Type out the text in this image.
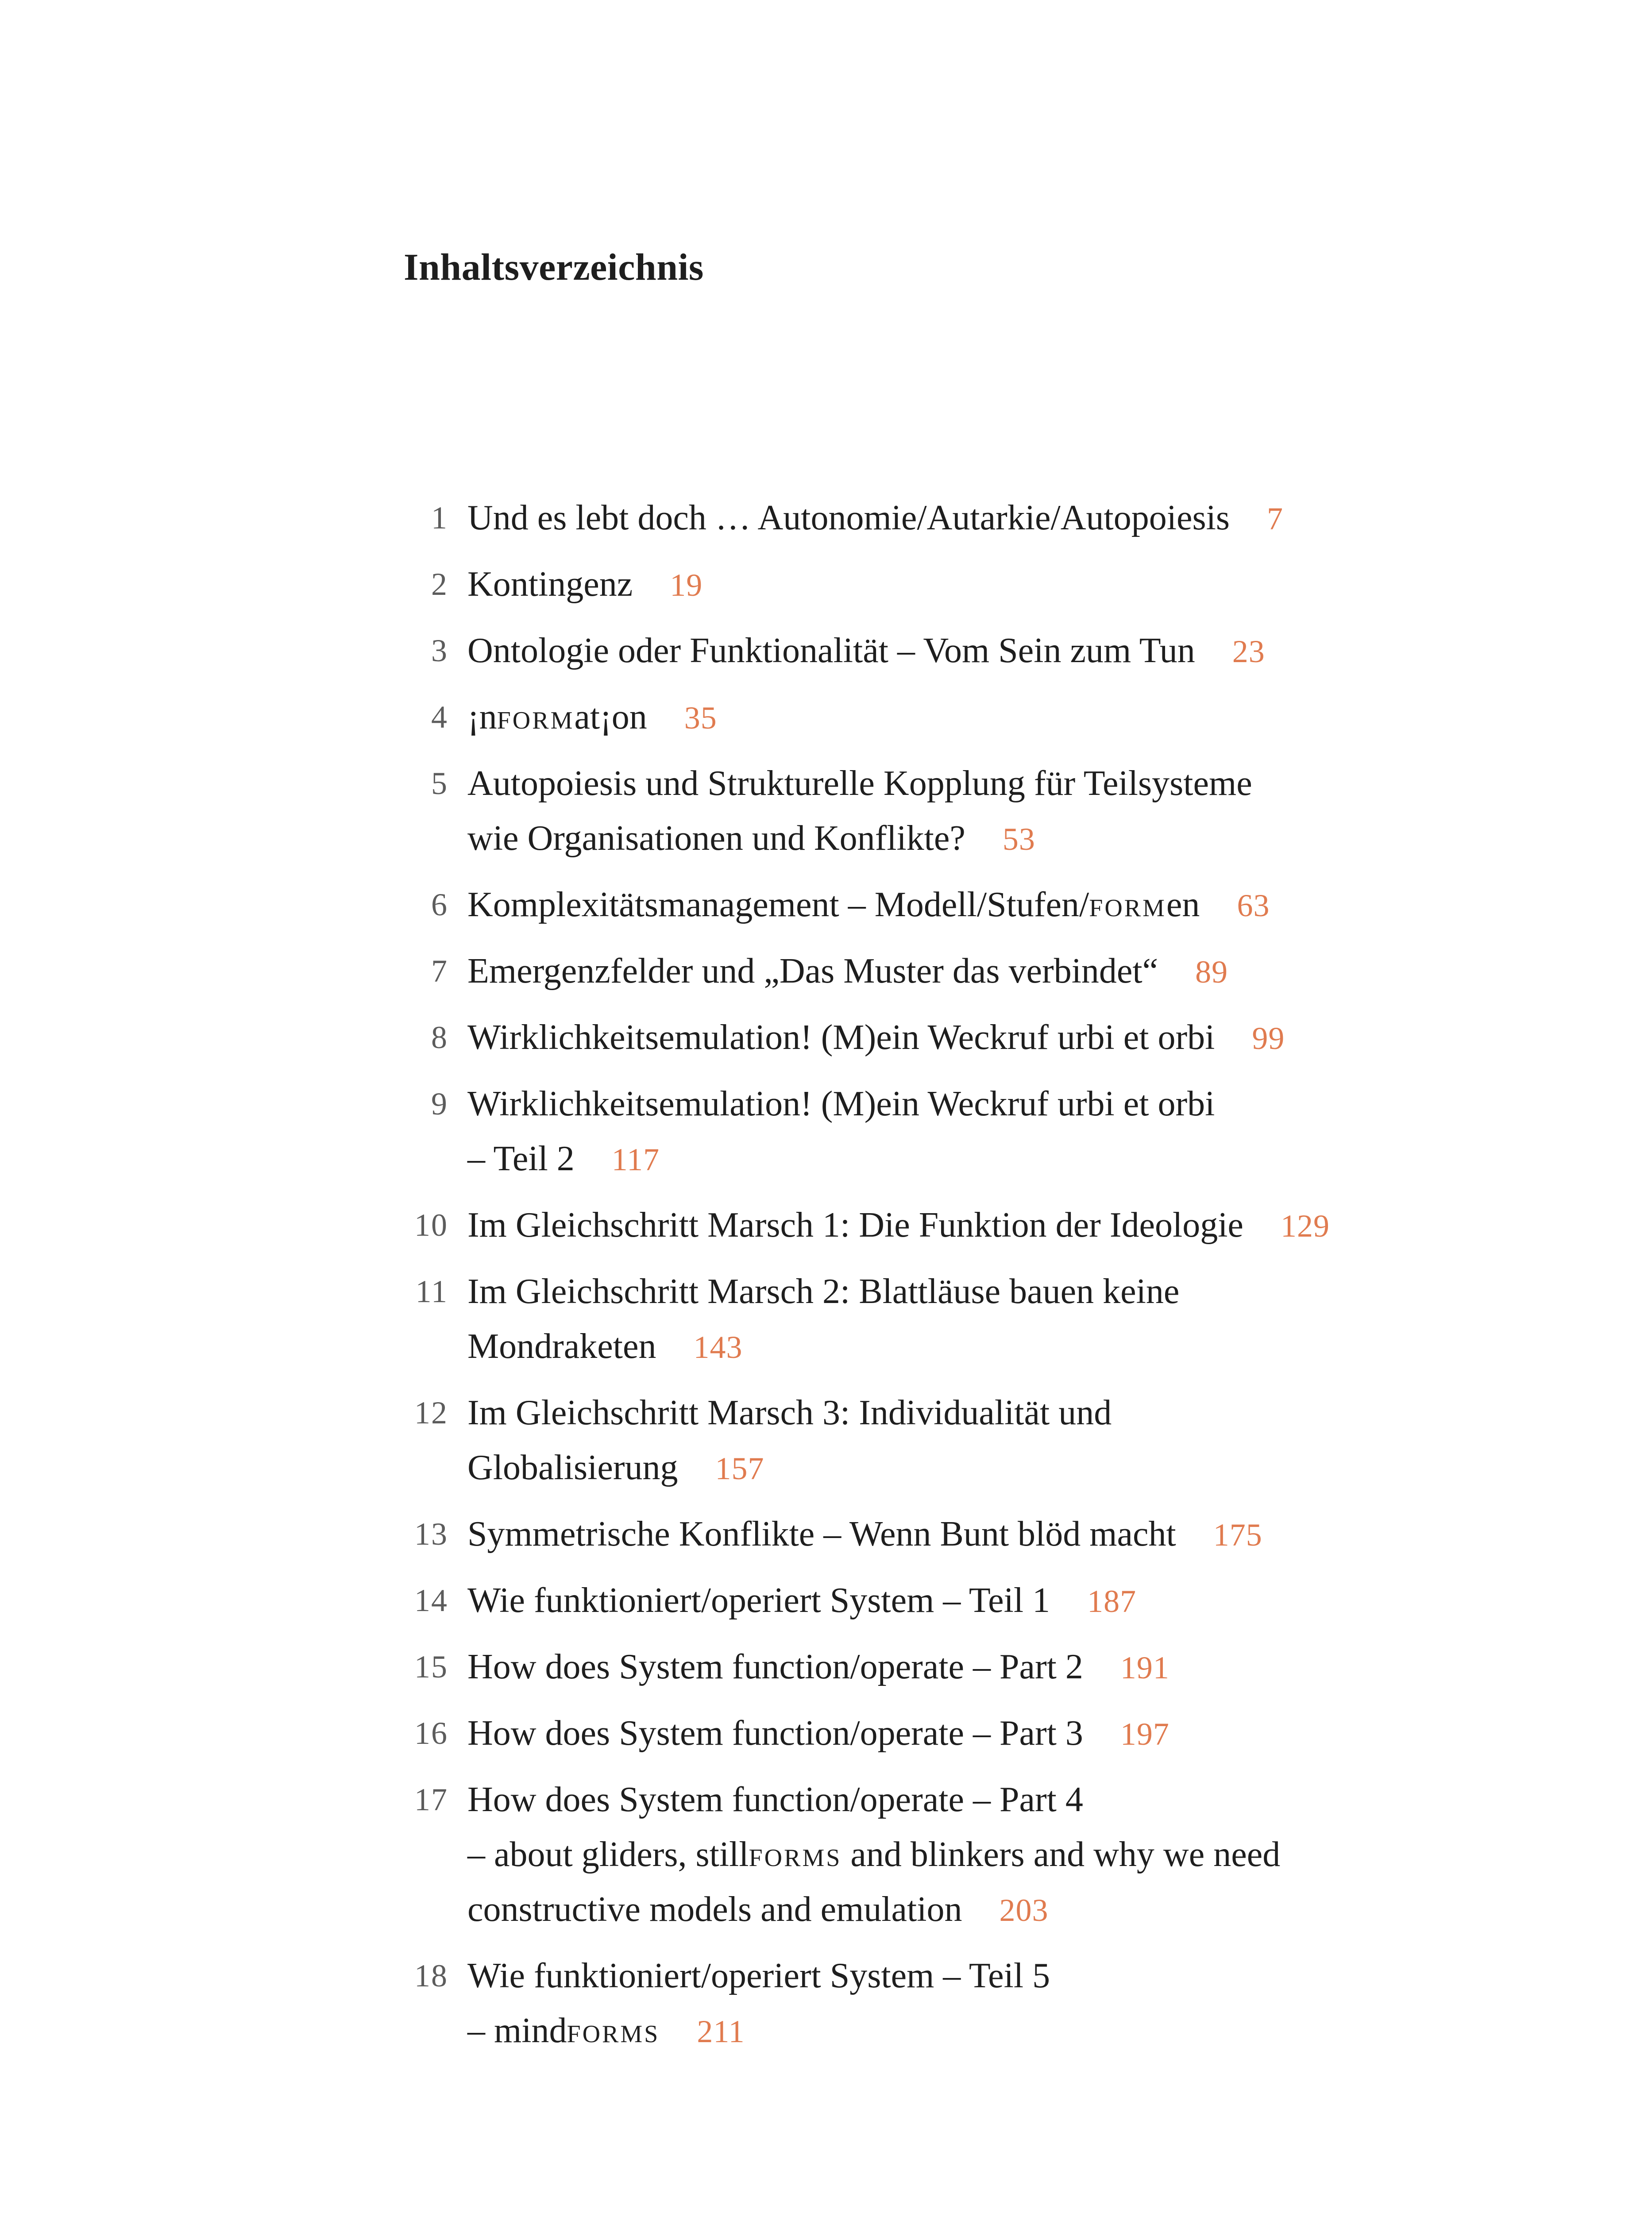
Inhaltsverzeichnis
1 Und es lebt doch … Autonomie/Autarkie/Autopoiesis 7
2 Kontingenz 19
3 Ontologie oder Funktionalität – Vom Sein zum Tun 23
4 ¡nformat¡on 35
5 Autopoiesis und Strukturelle Kopplung für Teilsysteme
wie Organisationen und Konflikte? 53
6 Komplexitätsmanagement – Modell/Stufen/formen 63
7 Emergenzfelder und „Das Muster das verbindet“ 89
8 Wirklichkeitsemulation! (M)ein Weckruf urbi et orbi 99
9 Wirklichkeitsemulation! (M)ein Weckruf urbi et orbi
– Teil 2 117
10 Im Gleichschritt Marsch 1: Die Funktion der Ideologie 129
11 Im Gleichschritt Marsch 2: Blattläuse bauen keine
Mondraketen 143
12 Im Gleichschritt Marsch 3: Individualität und
Globalisierung 157
13 Symmetrische Konflikte – Wenn Bunt blöd macht 175
14 Wie funktioniert/operiert System – Teil 1 187
15 How does System function/operate – Part 2 191
16 How does System function/operate – Part 3 197
17 How does System function/operate – Part 4
– about gliders, stillforms and blinkers and why we need
constructive models and emulation 203
18 Wie funktioniert/operiert System – Teil 5
– mindforms 211
